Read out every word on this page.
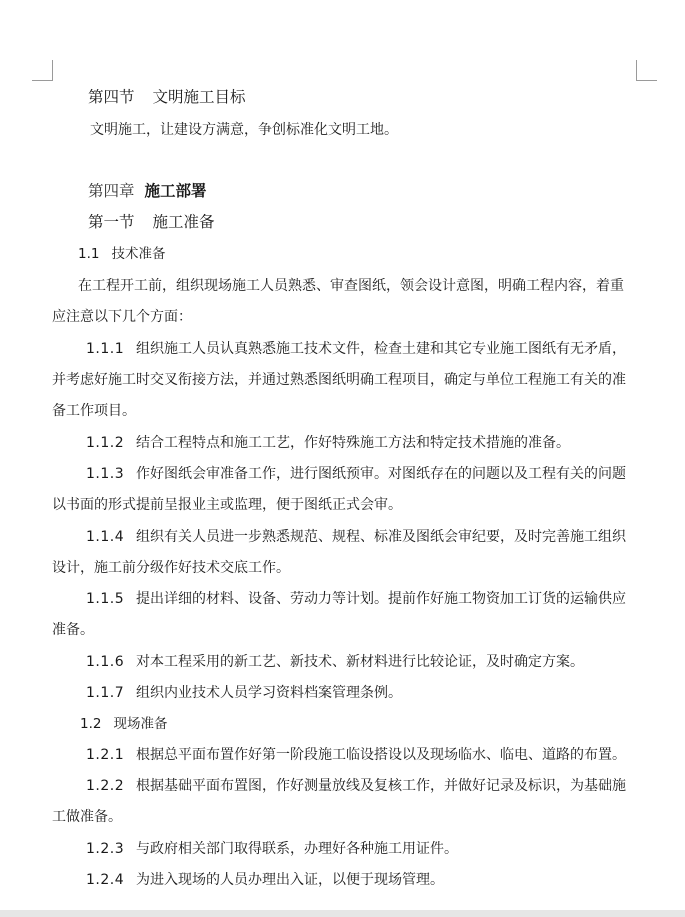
第四节 文明施工目标
文明施工，让建设方满意，争创标准化文明工地。
第四章 施工部署
第一节 施工准备
1.1 技术准备
在工程开工前，组织现场施工人员熟悉、审查图纸，领会设计意图，明确工程内容，着重
应注意以下几个方面：
1.1.1 组织施工人员认真熟悉施工技术文件，检查土建和其它专业施工图纸有无矛盾，
并考虑好施工时交叉衔接方法，并通过熟悉图纸明确工程项目，确定与单位工程施工有关的准
备工作项目。
1.1.2 结合工程特点和施工工艺，作好特殊施工方法和特定技术措施的准备。
1.1.3 作好图纸会审准备工作，进行图纸预审。对图纸存在的问题以及工程有关的问题
以书面的形式提前呈报业主或监理，便于图纸正式会审。
1.1.4 组织有关人员进一步熟悉规范、规程、标准及图纸会审纪要，及时完善施工组织
设计，施工前分级作好技术交底工作。
1.1.5 提出详细的材料、设备、劳动力等计划。提前作好施工物资加工订货的运输供应
准备。
1.1.6 对本工程采用的新工艺、新技术、新材料进行比较论证，及时确定方案。
1.1.7 组织内业技术人员学习资料档案管理条例。
1.2 现场准备
1.2.1 根据总平面布置作好第一阶段施工临设搭设以及现场临水、临电、道路的布置。
1.2.2 根据基础平面布置图，作好测量放线及复核工作，并做好记录及标识，为基础施
工做准备。
1.2.3 与政府相关部门取得联系，办理好各种施工用证件。
1.2.4 为进入现场的人员办理出入证，以便于现场管理。
